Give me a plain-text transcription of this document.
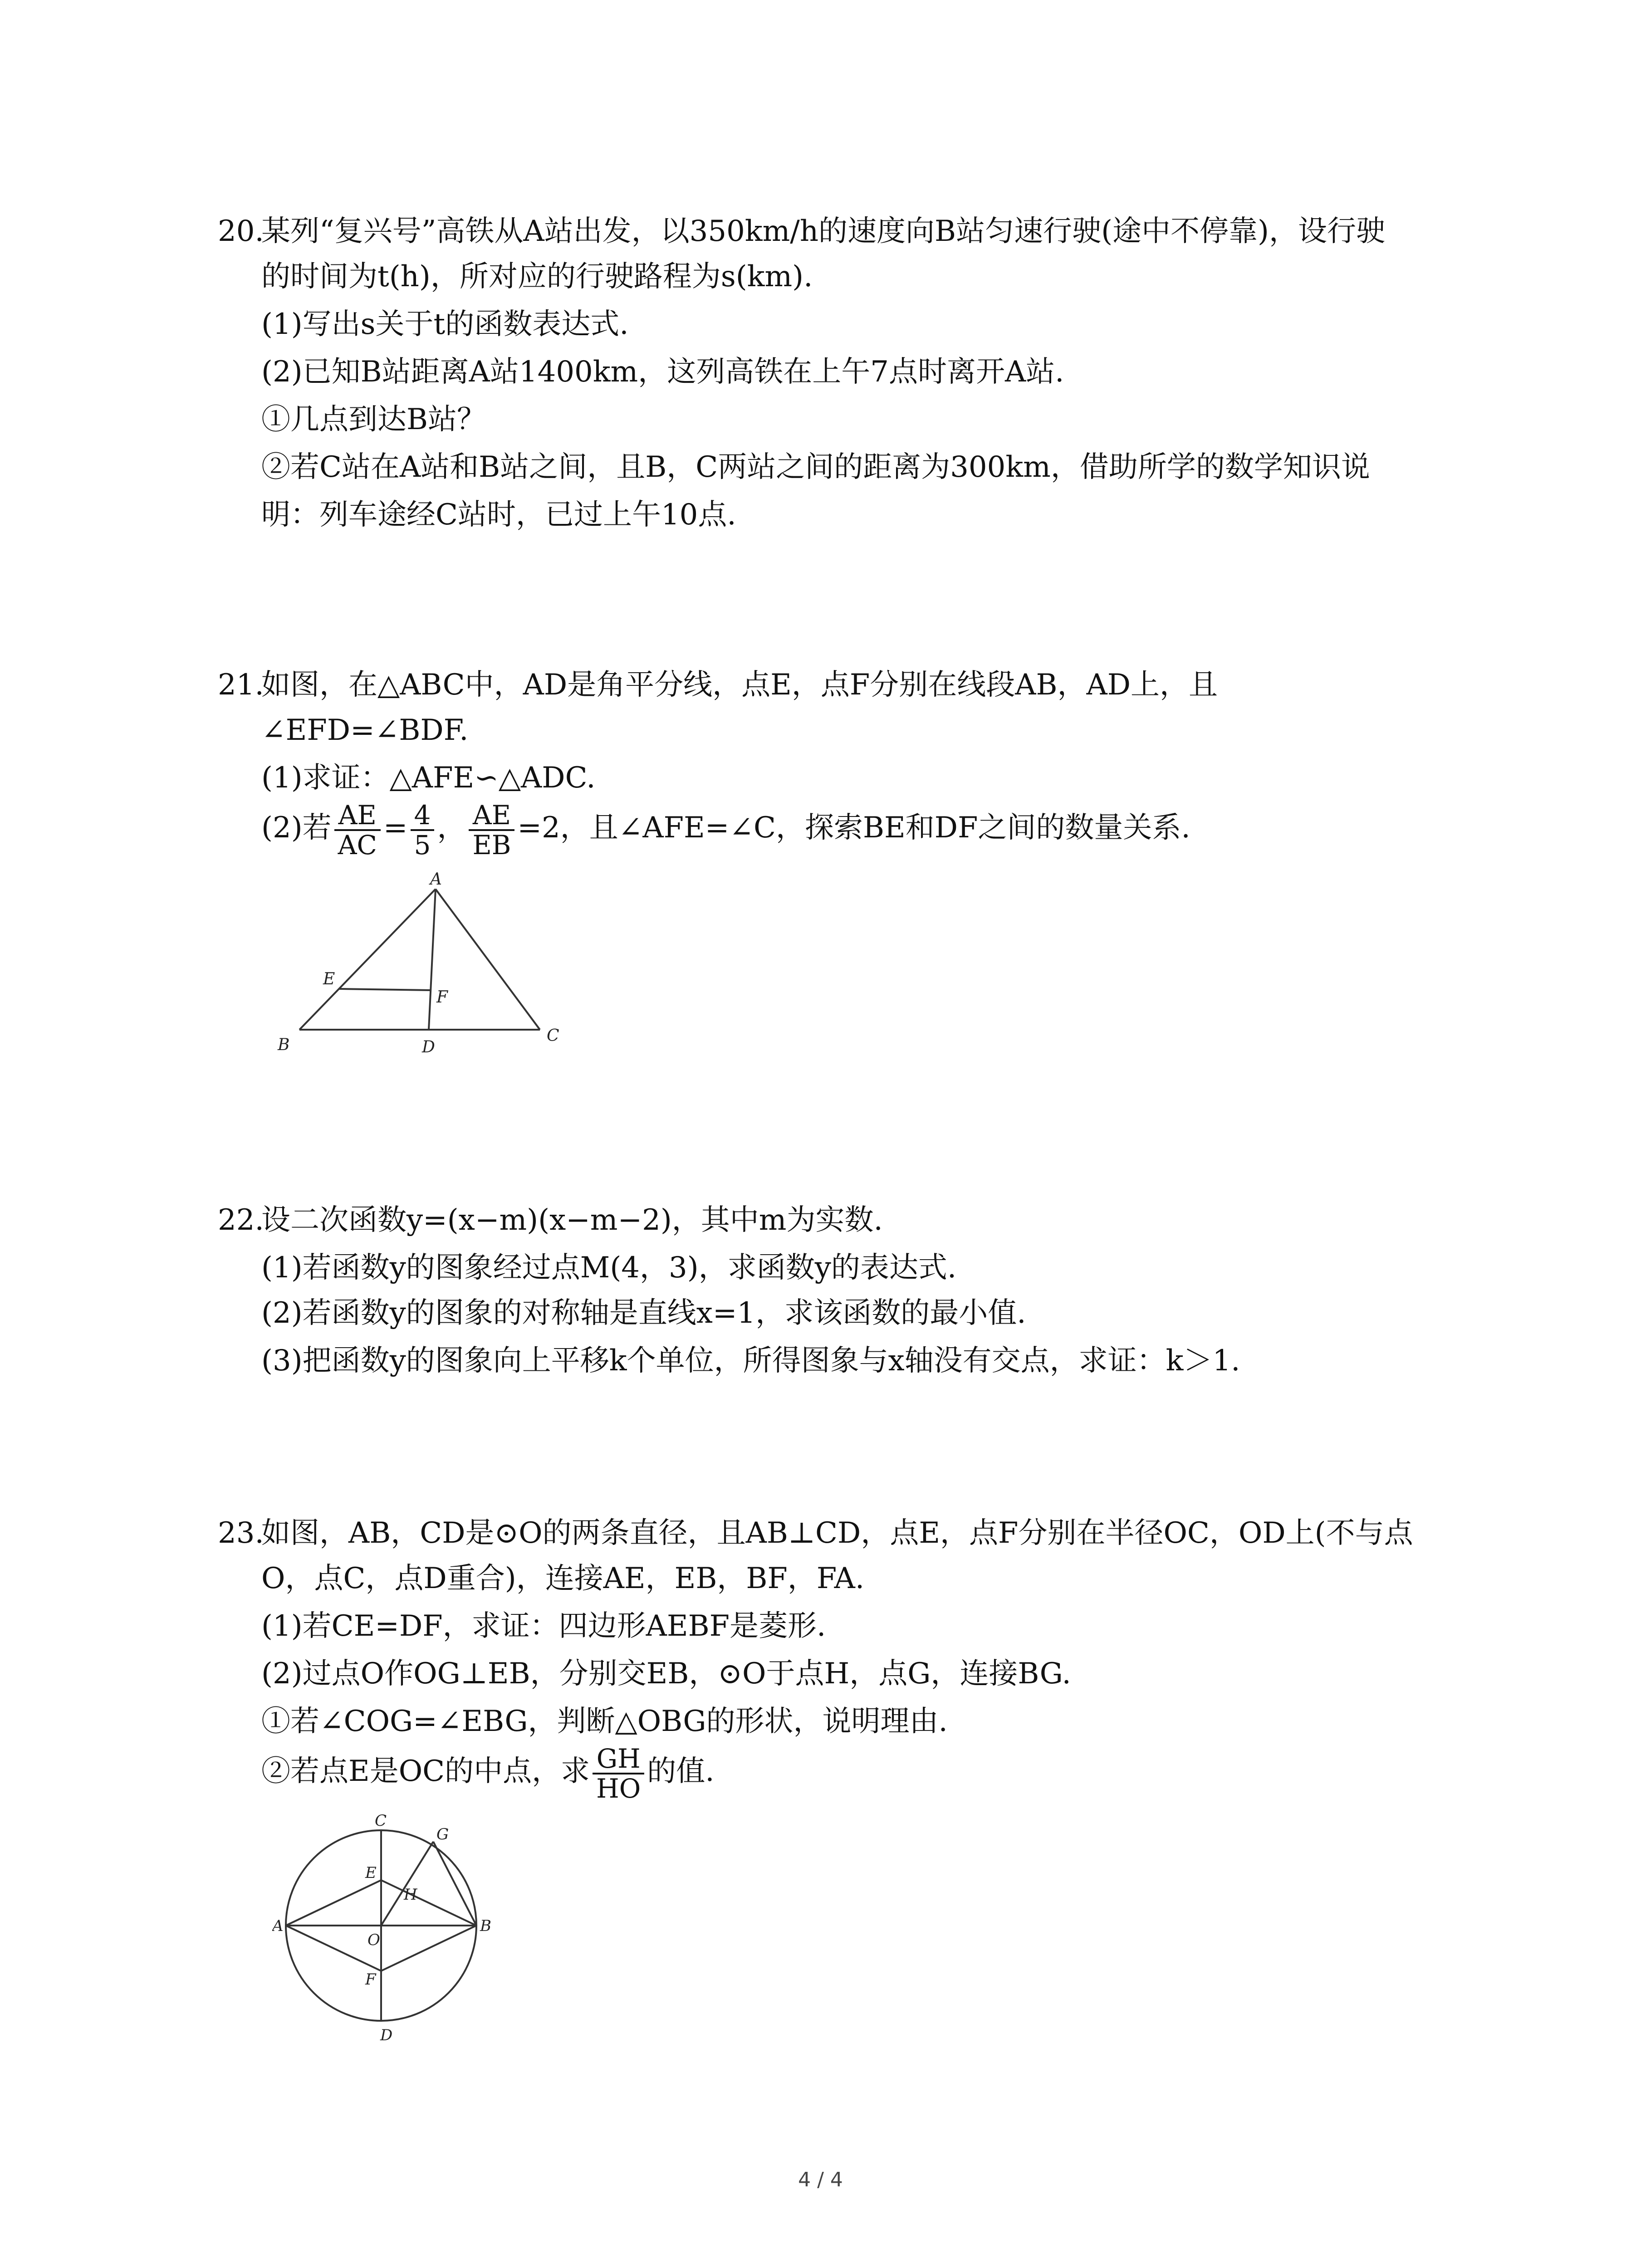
20.
某列“复兴号”高铁从A站出发，以350km/h的速度向B站匀速行驶(途中不停靠)，设行驶
的时间为t(h)，所对应的行驶路程为s(km).
(1)写出s关于t的函数表达式.
(2)已知B站距离A站1400km，这列高铁在上午7点时离开A站.
①几点到达B站？
②若C站在A站和B站之间，且B，C两站之间的距离为300km，借助所学的数学知识说
明：列车途经C站时，已过上午10点.
21.
如图，在△ABC中，AD是角平分线，点E，点F分别在线段AB，AD上，且
∠EFD=∠BDF.
(1)求证：△AFE∽△ADC.
(2)若 $\frac{AE}{AC} = \frac{4}{5}$ ， $\frac{AE}{EB} =2$，且∠AFE=∠C，探索BE和DF之间的数量关系.
A
B	C
D
E
F
22.
设二次函数y=(x−m)(x−m−2)，其中m为实数.
(1)若函数y的图象经过点M(4，3)，求函数y的表达式.
(2)若函数y的图象的对称轴是直线x=1，求该函数的最小值.
(3)把函数y的图象向上平移k个单位，所得图象与x轴没有交点，求证：k＞1.
23.
如图，AB，CD是⊙O的两条直径，且AB⊥CD，点E，点F分别在半径OC，OD上(不与点
O，点C，点D重合)，连接AE，EB，BF，FA.
(1)若CE=DF，求证：四边形AEBF是菱形.
(2)过点O作OG⊥EB，分别交EB，⊙O于点H，点G，连接BG.
①若∠COG=∠EBG，判断△OBG的形状，说明理由.
②若点E是OC的中点，求 $\frac{GH}{HO}$ 的值.
C
D
A	B
E
F
G
H
O
4 / 4
